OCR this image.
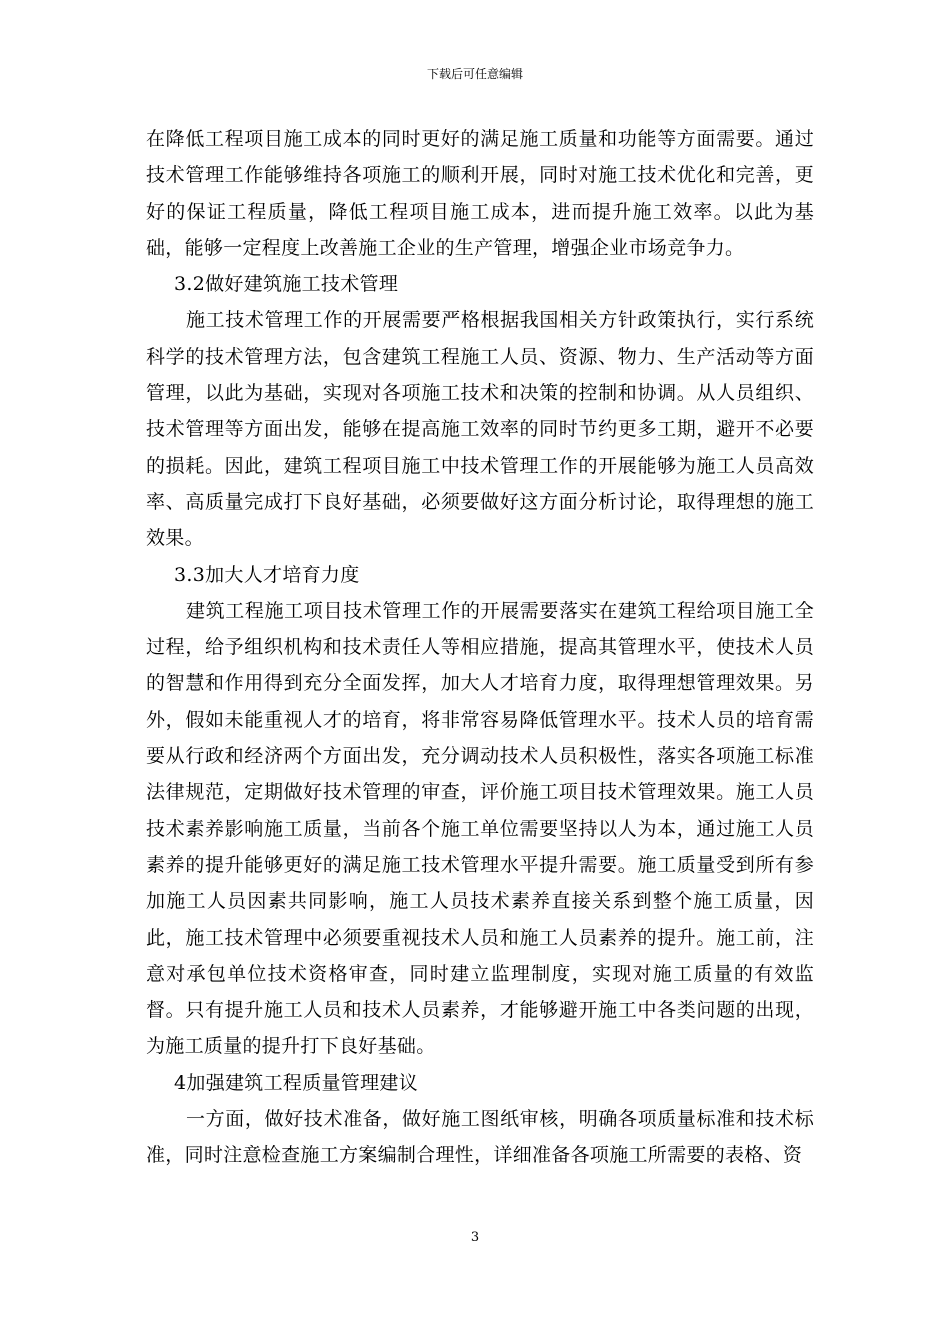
下载后可任意编辑

在降低工程项目施工成本的同时更好的满足施工质量和功能等方面需要。通过技术管理工作能够维持各项施工的顺利开展，同时对施工技术优化和完善，更好的保证工程质量，降低工程项目施工成本，进而提升施工效率。以此为基础，能够一定程度上改善施工企业的生产管理，增强企业市场竞争力。

3.2做好建筑施工技术管理

施工技术管理工作的开展需要严格根据我国相关方针政策执行，实行系统科学的技术管理方法，包含建筑工程施工人员、资源、物力、生产活动等方面管理，以此为基础，实现对各项施工技术和决策的控制和协调。从人员组织、技术管理等方面出发，能够在提高施工效率的同时节约更多工期，避开不必要的损耗。因此，建筑工程项目施工中技术管理工作的开展能够为施工人员高效率、高质量完成打下良好基础，必须要做好这方面分析讨论，取得理想的施工效果。

3.3加大人才培育力度

建筑工程施工项目技术管理工作的开展需要落实在建筑工程给项目施工全过程，给予组织机构和技术责任人等相应措施，提高其管理水平，使技术人员的智慧和作用得到充分全面发挥，加大人才培育力度，取得理想管理效果。另外，假如未能重视人才的培育，将非常容易降低管理水平。技术人员的培育需要从行政和经济两个方面出发，充分调动技术人员积极性，落实各项施工标准法律规范，定期做好技术管理的审查，评价施工项目技术管理效果。施工人员技术素养影响施工质量，当前各个施工单位需要坚持以人为本，通过施工人员素养的提升能够更好的满足施工技术管理水平提升需要。施工质量受到所有参加施工人员因素共同影响，施工人员技术素养直接关系到整个施工质量，因此，施工技术管理中必须要重视技术人员和施工人员素养的提升。施工前，注意对承包单位技术资格审查，同时建立监理制度，实现对施工质量的有效监督。只有提升施工人员和技术人员素养，才能够避开施工中各类问题的出现，为施工质量的提升打下良好基础。

4加强建筑工程质量管理建议

一方面，做好技术准备，做好施工图纸审核，明确各项质量标准和技术标准，同时注意检查施工方案编制合理性，详细准备各项施工所需要的表格、资

3
